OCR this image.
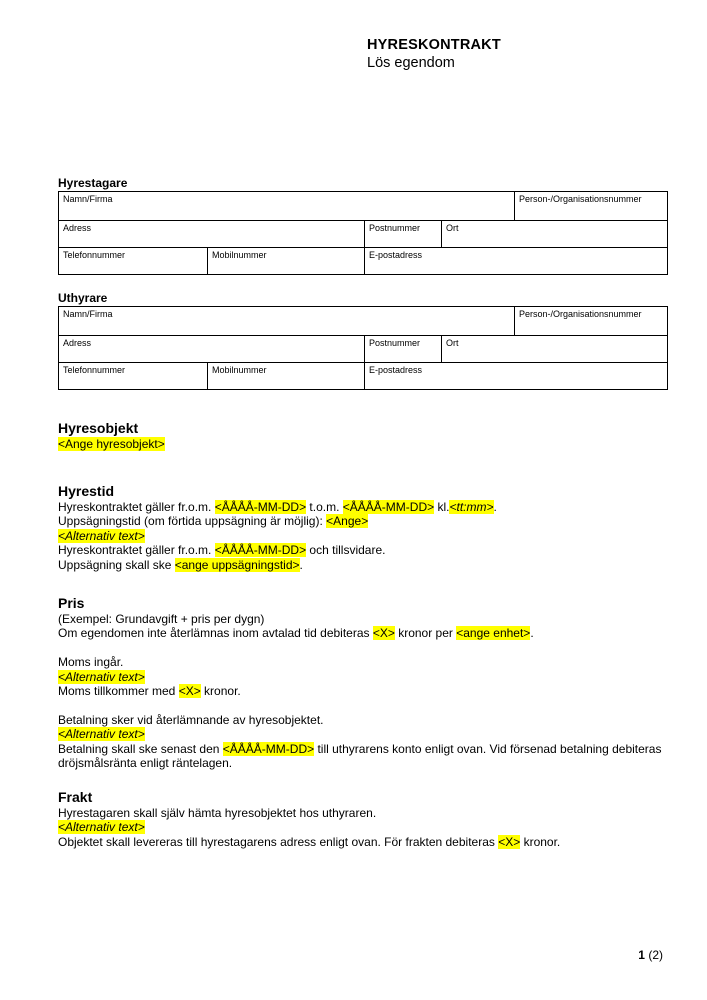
HYRESKONTRAKT
Lös egendom
Hyrestagare
Namn/Firma	Person-/Organisationsnummer
Adress	Postnummer	Ort
Telefonnummer	Mobilnummer	E-postadress
Uthyrare
Namn/Firma	Person-/Organisationsnummer
Adress	Postnummer	Ort
Telefonnummer	Mobilnummer	E-postadress
Hyresobjekt
<Ange hyresobjekt>
Hyrestid
Hyreskontraktet gäller fr.o.m. <ÅÅÅÅ-MM-DD> t.o.m. <ÅÅÅÅ-MM-DD> kl.<tt:mm>.
Uppsägningstid (om förtida uppsägning är möjlig): <Ange>
<Alternativ text>
Hyreskontraktet gäller fr.o.m. <ÅÅÅÅ-MM-DD> och tillsvidare.
Uppsägning skall ske <ange uppsägningstid>.
Pris
(Exempel: Grundavgift + pris per dygn)
Om egendomen inte återlämnas inom avtalad tid debiteras <X> kronor per <ange enhet>.

Moms ingår.
<Alternativ text>
Moms tillkommer med <X> kronor.

Betalning sker vid återlämnande av hyresobjektet.
<Alternativ text>
Betalning skall ske senast den <ÅÅÅÅ-MM-DD> till uthyrarens konto enligt ovan. Vid försenad betalning debiteras dröjsmålsränta enligt räntelagen.
Frakt
Hyrestagaren skall själv hämta hyresobjektet hos uthyraren.
<Alternativ text>
Objektet skall levereras till hyrestagarens adress enligt ovan. För frakten debiteras <X> kronor.
1 (2)
